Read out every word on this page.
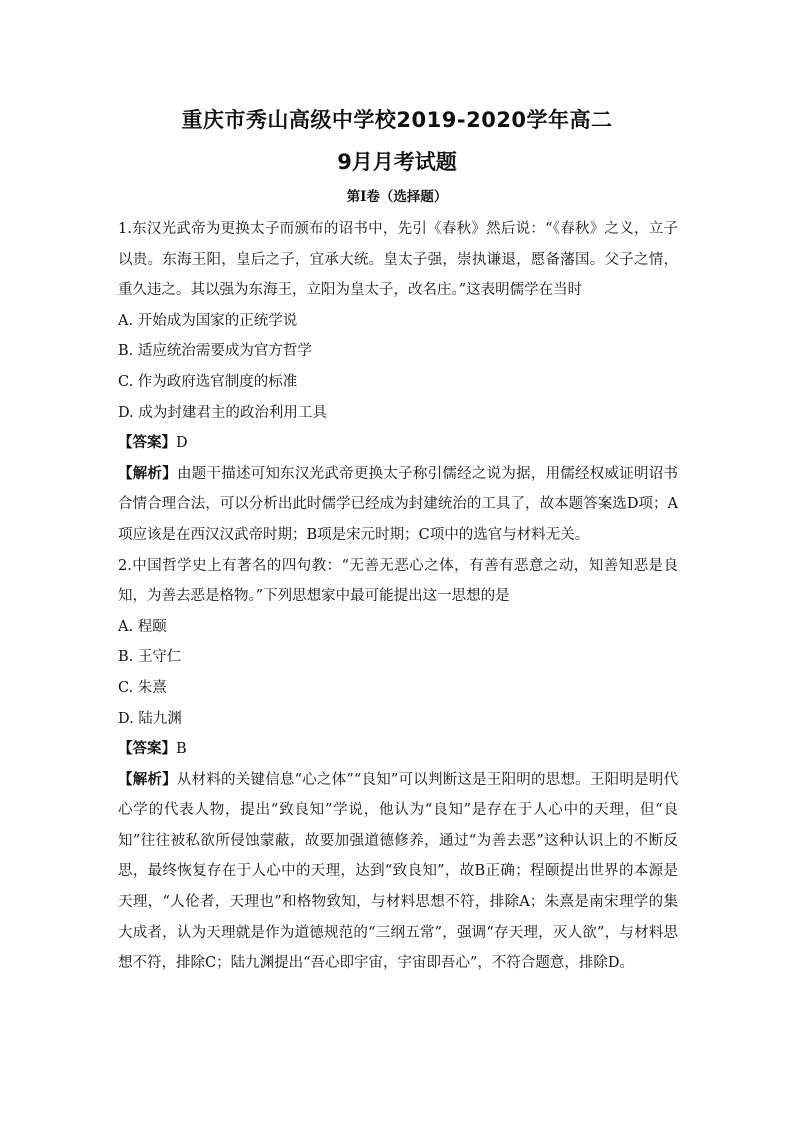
重庆市秀山高级中学校2019-2020学年高二
9月月考试题
第Ⅰ卷（选择题）

1.东汉光武帝为更换太子而颁布的诏书中，先引《春秋》然后说：“《春秋》之义，立子以贵。东海王阳，皇后之子，宜承大统。皇太子强，崇执谦退，愿备藩国。父子之情，重久违之。其以强为东海王，立阳为皇太子，改名庄。”这表明儒学在当时

A. 开始成为国家的正统学说
B. 适应统治需要成为官方哲学
C. 作为政府选官制度的标准
D. 成为封建君主的政治利用工具
【答案】D

【解析】由题干描述可知东汉光武帝更换太子称引儒经之说为据，用儒经权威证明诏书合情合理合法，可以分析出此时儒学已经成为封建统治的工具了，故本题答案选D项；A项应该是在西汉汉武帝时期；B项是宋元时期；C项中的选官与材料无关。

2.中国哲学史上有著名的四句教：“无善无恶心之体，有善有恶意之动，知善知恶是良知，为善去恶是格物。”下列思想家中最可能提出这一思想的是

A. 程颐
B. 王守仁
C. 朱熹
D. 陆九渊
【答案】B

【解析】从材料的关键信息“心之体”“良知”可以判断这是王阳明的思想。王阳明是明代心学的代表人物，提出“致良知”学说，他认为“良知”是存在于人心中的天理，但“良知”往往被私欲所侵蚀蒙蔽，故要加强道德修养，通过“为善去恶”这种认识上的不断反思，最终恢复存在于人心中的天理，达到“致良知”，故B正确；程颐提出世界的本源是天理，“人伦者，天理也”和格物致知，与材料思想不符，排除A；朱熹是南宋理学的集大成者，认为天理就是作为道德规范的“三纲五常”，强调“存天理，灭人欲”，与材料思想不符，排除C；陆九渊提出“吾心即宇宙，宇宙即吾心”，不符合题意，排除D。
